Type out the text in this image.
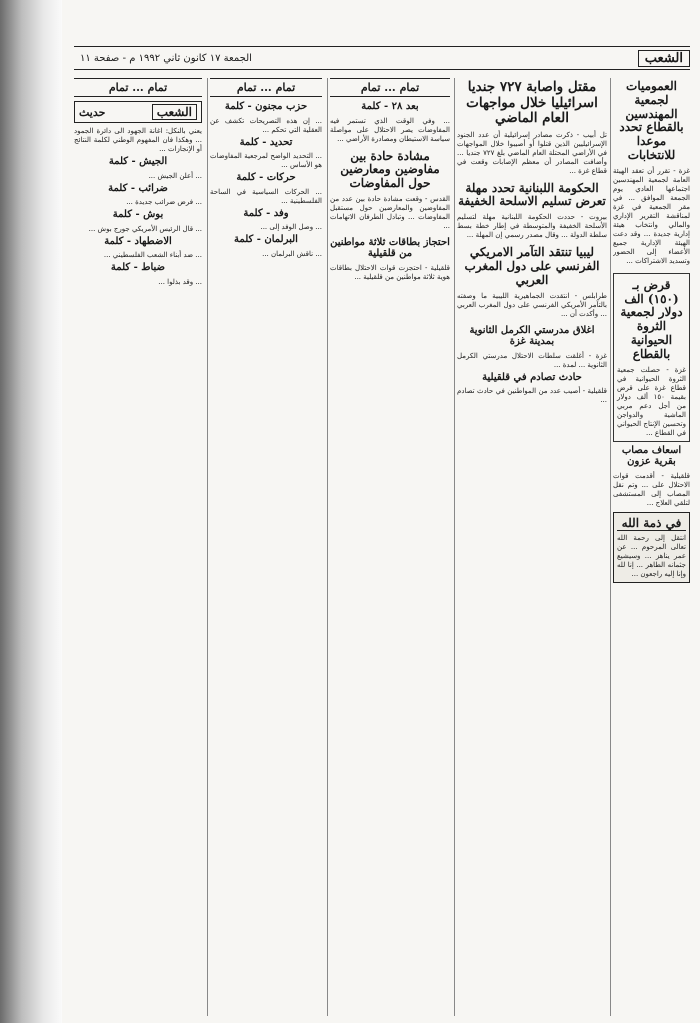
الشعب
الجمعة ١٧ كانون ثاني ١٩٩٢ م - صفحة ١١
العموميات لجمعية المهندسين بالقطاع تحدد موعدا للانتخابات

غزة - تقرر أن تعقد الهيئة العامة لجمعية المهندسين اجتماعها العادي يوم الجمعة الموافق ... في مقر الجمعية في غزة لمناقشة التقرير الإداري والمالي وانتخاب هيئة إدارية جديدة ... وقد دعت الهيئة الإدارية جميع الأعضاء إلى الحضور وتسديد الاشتراكات ...

قرض بـ (١٥٠) الف دولار لجمعية الثروة الحيوانية بالقطاع

غزة - حصلت جمعية الثروة الحيوانية في قطاع غزة على قرض بقيمة ١٥٠ ألف دولار من أجل دعم مربي الماشية والدواجن وتحسين الإنتاج الحيواني في القطاع ...

اسعاف مصاب بقرية عزون

قلقيلية - أقدمت قوات الاحتلال على ... وتم نقل المصاب إلى المستشفى لتلقي العلاج ...

في ذمة الله

انتقل إلى رحمة الله تعالى المرحوم ... عن عمر يناهز ... وسيشيع جثمانه الطاهر ... إنا لله وإنا إليه راجعون ...

مقتل واصابة ٧٢٧ جنديا اسرائيليا خلال مواجهات العام الماضي

تل أبيب - ذكرت مصادر إسرائيلية أن عدد الجنود الإسرائيليين الذين قتلوا أو أصيبوا خلال المواجهات في الأراضي المحتلة العام الماضي بلغ ٧٢٧ جنديا ... وأضافت المصادر أن معظم الإصابات وقعت في قطاع غزة ...

الحكومة اللبنانية تحدد مهلة تعرض تسليم الاسلحة الخفيفة

بيروت - حددت الحكومة اللبنانية مهلة لتسليم الأسلحة الخفيفة والمتوسطة في إطار خطة بسط سلطة الدولة ... وقال مصدر رسمي إن المهلة ...

ليبيا تنتقد التآمر الامريكي الفرنسي على دول المغرب العربي

طرابلس - انتقدت الجماهيرية الليبية ما وصفته بالتآمر الأمريكي الفرنسي على دول المغرب العربي ... وأكدت أن ...

اغلاق مدرستي الكرمل الثانوية بمدينة غزة

غزة - أغلقت سلطات الاحتلال مدرستي الكرمل الثانوية ... لمدة ...

حادث تصادم في قلقيلية

قلقيلية - أصيب عدد من المواطنين في حادث تصادم ...

تمام ... تمام
بعد ٢٨ - كلمة

... وفي الوقت الذي تستمر فيه المفاوضات يصر الاحتلال على مواصلة سياسة الاستيطان ومصادرة الأراضي ...

مشادة حادة بين مفاوضين ومعارضين حول المفاوضات

القدس - وقعت مشادة حادة بين عدد من المفاوضين والمعارضين حول مستقبل المفاوضات ... وتبادل الطرفان الاتهامات ...

احتجاز بطاقات ثلاثة مواطنين من قلقيلية

قلقيلية - احتجزت قوات الاحتلال بطاقات هوية ثلاثة مواطنين من قلقيلية ...

تمام ... تمام
حزب مجنون - كلمة

... إن هذه التصريحات تكشف عن العقلية التي تحكم ...

تحديد - كلمة

... التحديد الواضح لمرجعية المفاوضات هو الأساس ...

حركات - كلمة

... الحركات السياسية في الساحة الفلسطينية ...

وفد - كلمة

... وصل الوفد إلى ...

البرلمان - كلمة

... ناقش البرلمان ...

تمام ... تمام
الشعب
حديث

يعني بالنكل: اغانة الجهود الى دائرة الجمود ... وهكذا فان المفهوم الوطني لكلمة النتائج أو الإنجازات ...

الجيش - كلمة

... أعلن الجيش ...

ضرائب - كلمة

... فرض ضرائب جديدة ...

بوش - كلمة

... قال الرئيس الأمريكي جورج بوش ...

الاضطهاد - كلمة

... ضد أبناء الشعب الفلسطيني ...

ضباط - كلمة

... وقد بذلوا ...
